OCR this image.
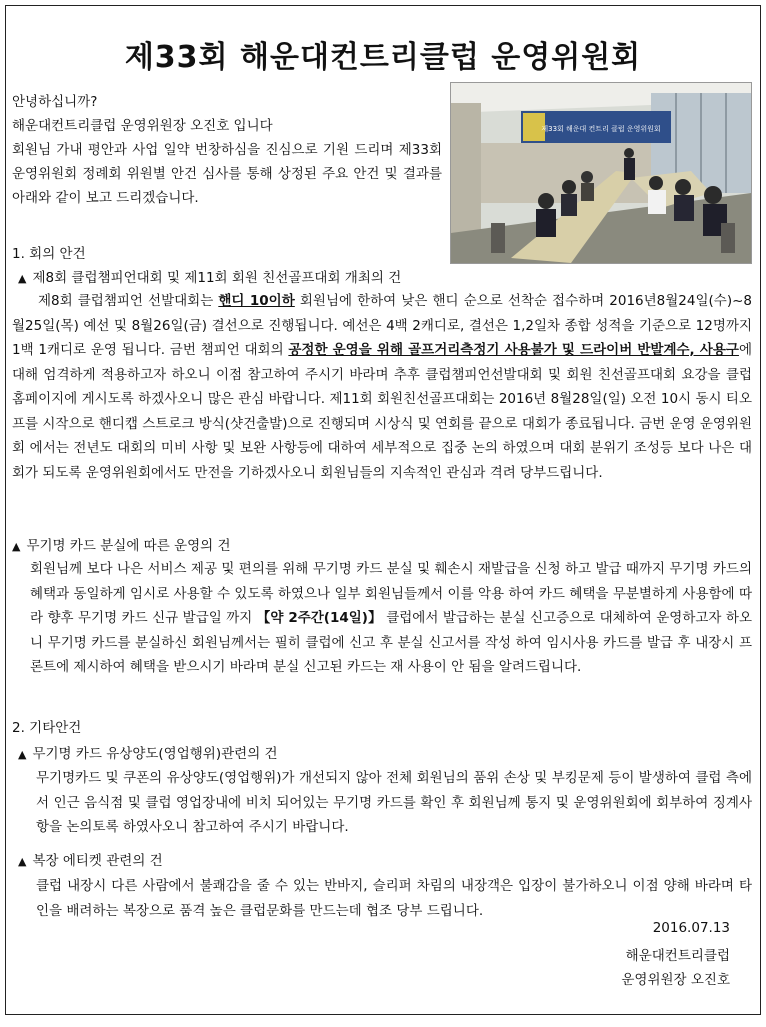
제33회 해운대컨트리클럽 운영위원회

안녕하십니까?

해운대컨트리클럽 운영위원장 오진호 입니다

회원님 가내 평안과 사업 일약 번창하심을 진심으로 기원 드리며 제33회 운영위원회 정례회 위원별 안건 심사를 통해 상정된 주요 안건 및 결과를 아래와 같이 보고 드리겠습니다.

제33회 해운대 컨트리 클럽 운영위원회
1. 회의 안건
▲ 제8회 클럽챔피언대회 및 제11회 회원 친선골프대회 개최의 건
제8회 클럽챔피언 선발대회는 핸디 10이하 회원님에 한하여 낮은 핸디 순으로 선착순 접수하며 2016년8월24일(수)~8월25일(목) 예선 및 8월26일(금) 결선으로 진행됩니다. 예선은 4백 2캐디로, 결선은 1,2일차 종합 성적을 기준으로 12명까지 1백 1캐디로 운영 됩니다. 금번 챔피언 대회의 공정한 운영을 위해 골프거리측정기 사용불가 및 드라이버 반발계수, 사용구에 대해 엄격하게 적용하고자 하오니 이점 참고하여 주시기 바라며 추후 클럽챔피언선발대회 및 회원 친선골프대회 요강을 클럽 홈페이지에 게시도록 하겠사오니 많은 관심 바랍니다. 제11회 회원친선골프대회는 2016년 8월28일(일) 오전 10시 동시 티오프를 시작으로 핸디캡 스트로크 방식(샷건출발)으로 진행되며 시상식 및 연회를 끝으로 대회가 종료됩니다. 금번 운영 운영위원회 에서는 전년도 대회의 미비 사항 및 보완 사항등에 대하여 세부적으로 집중 논의 하였으며 대회 분위기 조성등 보다 나은 대회가 되도록 운영위원회에서도 만전을 기하겠사오니 회원님들의 지속적인 관심과 격려 당부드립니다.
▲ 무기명 카드 분실에 따른 운영의 건
회원님께 보다 나은 서비스 제공 및 편의를 위해 무기명 카드 분실 및 훼손시 재발급을 신청 하고 발급 때까지 무기명 카드의 혜택과 동일하게 임시로 사용할 수 있도록 하였으나 일부 회원님들께서 이를 악용 하여 카드 혜택을 무분별하게 사용함에 따라 향후 무기명 카드 신규 발급일 까지 【약 2주간(14일)】 클럽에서 발급하는 분실 신고증으로 대체하여 운영하고자 하오니 무기명 카드를 분실하신 회원님께서는 필히 클럽에 신고 후 분실 신고서를 작성 하여 임시사용 카드를 발급 후 내장시 프론트에 제시하여 혜택을 받으시기 바라며 분실 신고된 카드는 재 사용이 안 됨을 알려드립니다.
2. 기타안건
▲ 무기명 카드 유상양도(영업행위)관련의 건
무기명카드 및 쿠폰의 유상양도(영업행위)가 개선되지 않아 전체 회원님의 품위 손상 및 부킹문제 등이 발생하여 클럽 측에서 인근 음식점 및 클럽 영업장내에 비치 되어있는 무기명 카드를 확인 후 회원님께 통지 및 운영위원회에 회부하여 징계사항을 논의토록 하였사오니 참고하여 주시기 바랍니다.
▲ 복장 에티켓 관련의 건
클럽 내장시 다른 사람에서 불쾌감을 줄 수 있는 반바지, 슬리퍼 차림의 내장객은 입장이 불가하오니 이점 양해 바라며 타인을 배려하는 복장으로 품격 높은 클럽문화를 만드는데 협조 당부 드립니다.
2016.07.13
해운대컨트리클럽
운영위원장 오진호
